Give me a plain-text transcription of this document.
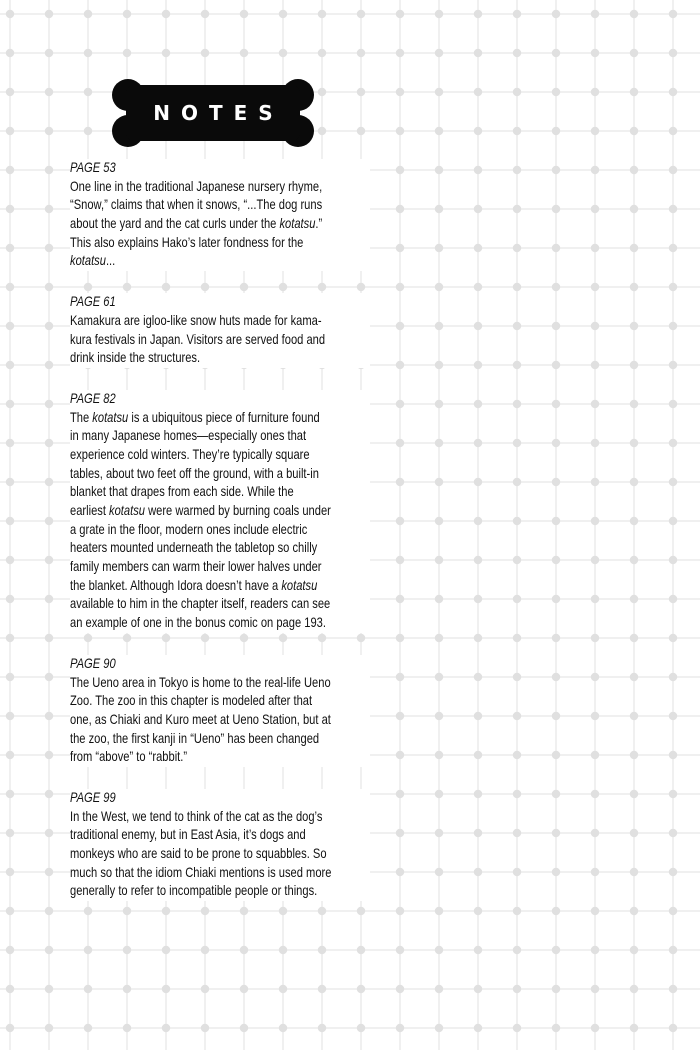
NOTES
PAGE 53
One line in the traditional Japanese nursery rhyme,
“Snow,” claims that when it snows, “...The dog runs
about the yard and the cat curls under the kotatsu.”
This also explains Hako’s later fondness for the
kotatsu...
PAGE 61
Kamakura are igloo-like snow huts made for kama-
kura festivals in Japan. Visitors are served food and
drink inside the structures.
PAGE 82
The kotatsu is a ubiquitous piece of furniture found
in many Japanese homes—especially ones that
experience cold winters. They’re typically square
tables, about two feet off the ground, with a built-in
blanket that drapes from each side. While the
earliest kotatsu were warmed by burning coals under
a grate in the floor, modern ones include electric
heaters mounted underneath the tabletop so chilly
family members can warm their lower halves under
the blanket. Although Idora doesn’t have a kotatsu
available to him in the chapter itself, readers can see
an example of one in the bonus comic on page 193.
PAGE 90
The Ueno area in Tokyo is home to the real-life Ueno
Zoo. The zoo in this chapter is modeled after that
one, as Chiaki and Kuro meet at Ueno Station, but at
the zoo, the first kanji in “Ueno” has been changed
from “above” to “rabbit.”
PAGE 99
In the West, we tend to think of the cat as the dog’s
traditional enemy, but in East Asia, it’s dogs and
monkeys who are said to be prone to squabbles. So
much so that the idiom Chiaki mentions is used more
generally to refer to incompatible people or things.
